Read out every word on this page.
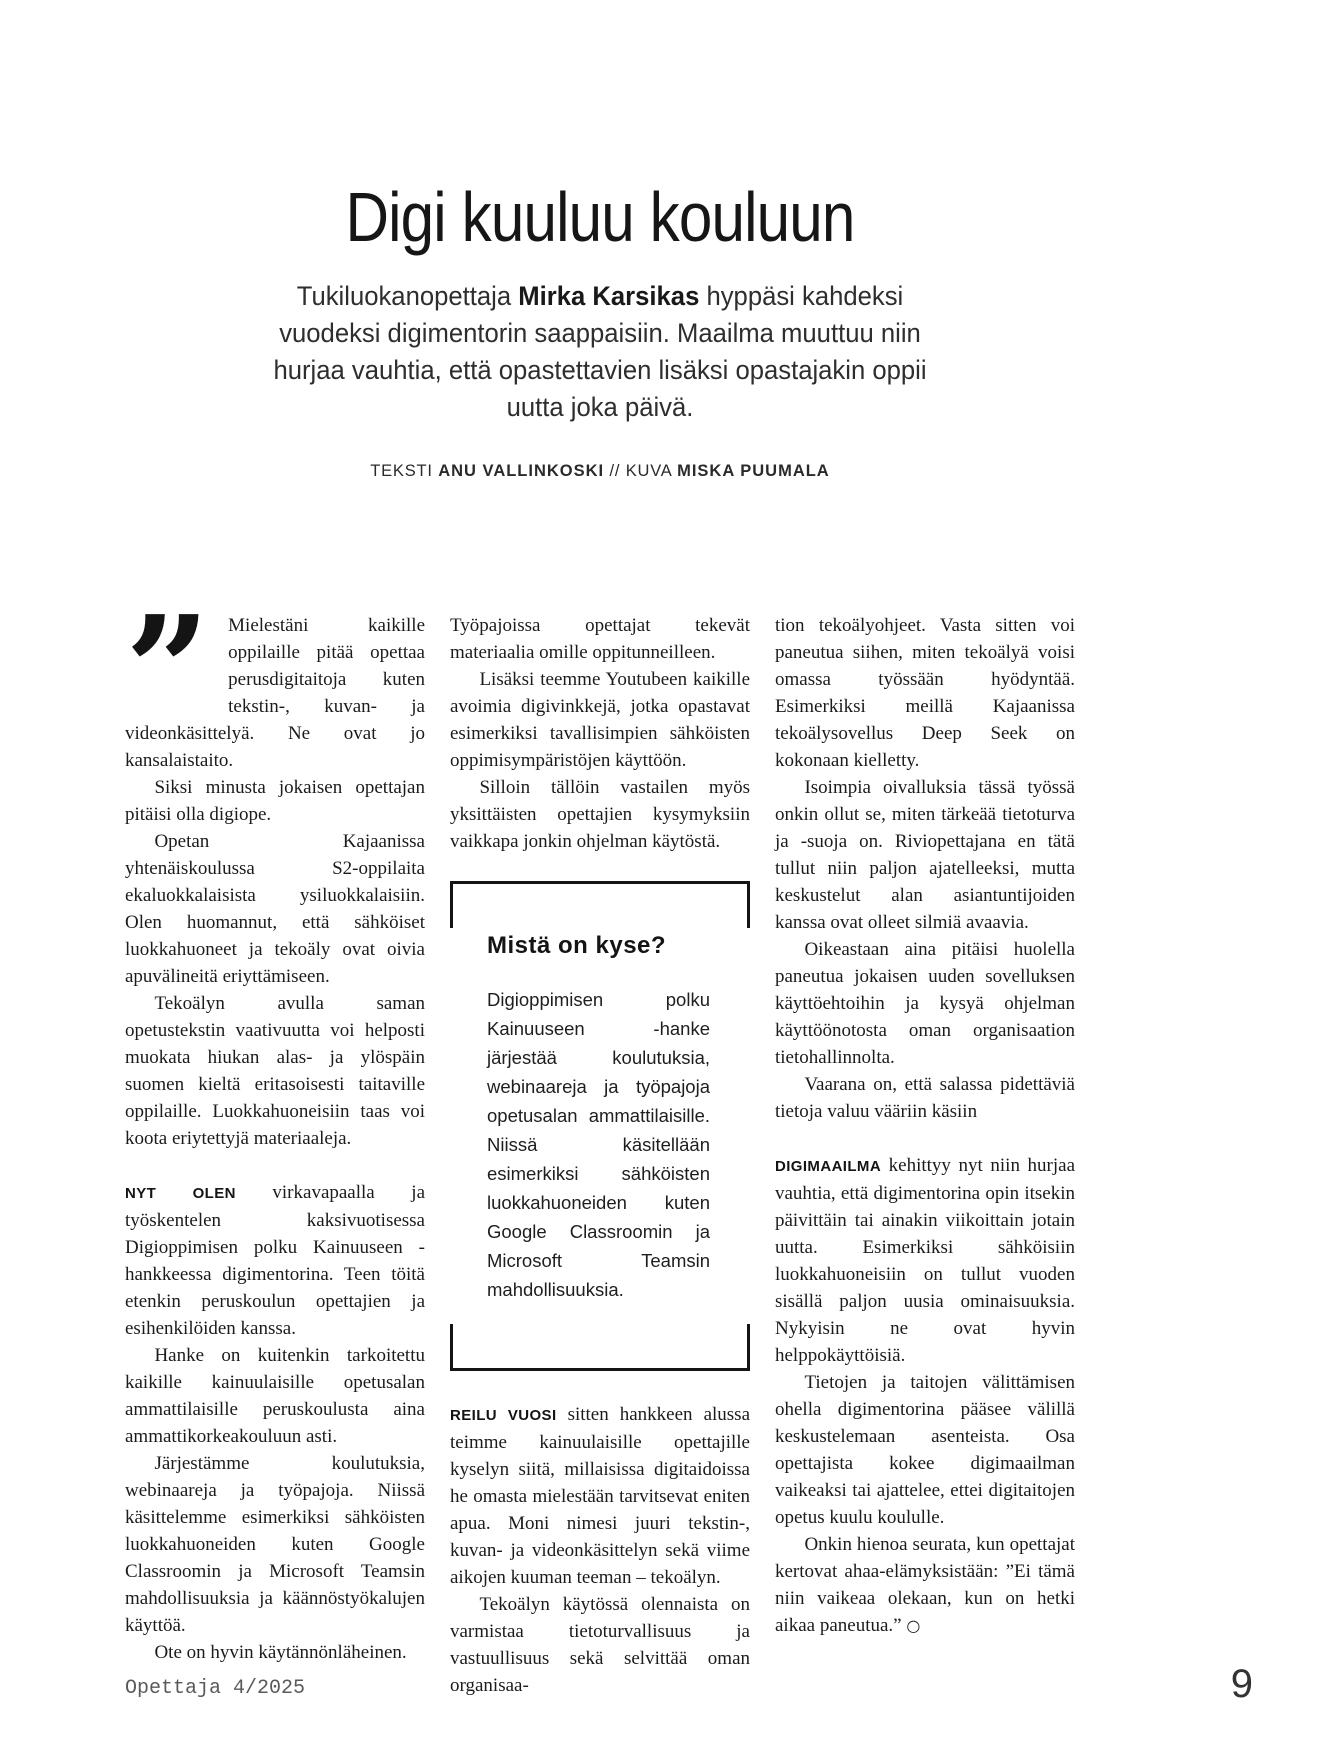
Digi kuuluu kouluun

Tukiluokanopettaja Mirka Karsikas hyppäsi kahdeksi vuodeksi digimentorin saappaisiin. Maailma muuttuu niin hurjaa vauhtia, että opastettavien lisäksi opastajakin oppii uutta joka päivä.

TEKSTI ANU VALLINKOSKI // KUVA MISKA PUUMALA

” Mielestäni kaikille oppilaille pitää opettaa perusdigitaitoja kuten tekstin-, kuvan- ja videonkäsittelyä. Ne ovat jo kansalaistaito.

Siksi minusta jokaisen opettajan pitäisi olla digiope.

Opetan Kajaanissa yhtenäiskoulussa S2-oppilaita ekaluokkalaisista ysiluokkalaisiin. Olen huomannut, että sähköiset luokkahuoneet ja tekoäly ovat oivia apuvälineitä eriyttämiseen.

Tekoälyn avulla saman opetustekstin vaativuutta voi helposti muokata hiukan alas- ja ylöspäin suomen kieltä eritasoisesti taitaville oppilaille. Luokkahuoneisiin taas voi koota eriytettyjä materiaaleja.

NYT OLEN virkavapaalla ja työskentelen kaksivuotisessa Digioppimisen polku Kainuuseen -hankkeessa digimentorina. Teen töitä etenkin peruskoulun opettajien ja esihenkilöiden kanssa.

Hanke on kuitenkin tarkoitettu kaikille kainuulaisille opetusalan ammattilaisille peruskoulusta aina ammattikorkeakouluun asti.

Järjestämme koulutuksia, webinaareja ja työpajoja. Niissä käsittelemme esimerkiksi sähköisten luokkahuoneiden kuten Google Classroomin ja Microsoft Teamsin mahdollisuuksia ja käännöstyökalujen käyttöä.

Ote on hyvin käytännönläheinen.

Työpajoissa opettajat tekevät materiaalia omille oppitunneilleen.

Lisäksi teemme Youtubeen kaikille avoimia digivinkkejä, jotka opastavat esimerkiksi tavallisimpien sähköisten oppimisympäristöjen käyttöön.

Silloin tällöin vastailen myös yksittäisten opettajien kysymyksiin vaikkapa jonkin ohjelman käytöstä.

Mistä on kyse?

Digioppimisen polku Kainuuseen -hanke järjestää koulutuksia, webinaareja ja työpajoja opetusalan ammattilaisille. Niissä käsitellään esimerkiksi sähköisten luokkahuoneiden kuten Google Classroomin ja Microsoft Teamsin mahdollisuuksia.

REILU VUOSI sitten hankkeen alussa teimme kainuulaisille opettajille kyselyn siitä, millaisissa digitaidoissa he omasta mielestään tarvitsevat eniten apua. Moni nimesi juuri tekstin-, kuvan- ja videonkäsittelyn sekä viime aikojen kuuman teeman – tekoälyn.

Tekoälyn käytössä olennaista on varmistaa tietoturvallisuus ja vastuullisuus sekä selvittää oman organisaa-

tion tekoälyohjeet. Vasta sitten voi paneutua siihen, miten tekoälyä voisi omassa työssään hyödyntää. Esimerkiksi meillä Kajaanissa tekoälysovellus Deep Seek on kokonaan kielletty.

Isoimpia oivalluksia tässä työssä onkin ollut se, miten tärkeää tietoturva ja -suoja on. Riviopettajana en tätä tullut niin paljon ajatelleeksi, mutta keskustelut alan asiantuntijoiden kanssa ovat olleet silmiä avaavia.

Oikeastaan aina pitäisi huolella paneutua jokaisen uuden sovelluksen käyttöehtoihin ja kysyä ohjelman käyttöönotosta oman organisaation tietohallinnolta.

Vaarana on, että salassa pidettäviä tietoja valuu vääriin käsiin

DIGIMAAILMA kehittyy nyt niin hurjaa vauhtia, että digimentorina opin itsekin päivittäin tai ainakin viikoittain jotain uutta. Esimerkiksi sähköisiin luokkahuoneisiin on tullut vuoden sisällä paljon uusia ominaisuuksia. Nykyisin ne ovat hyvin helppokäyttöisiä.

Tietojen ja taitojen välittämisen ohella digimentorina pääsee välillä keskustelemaan asenteista. Osa opettajista kokee digimaailman vaikeaksi tai ajattelee, ettei digitaitojen opetus kuulu koululle.

Onkin hienoa seurata, kun opettajat kertovat ahaa-elämyksistään: ”Ei tämä niin vaikeaa olekaan, kun on hetki aikaa paneutua.” ○

Opettaja 4/2025	9
